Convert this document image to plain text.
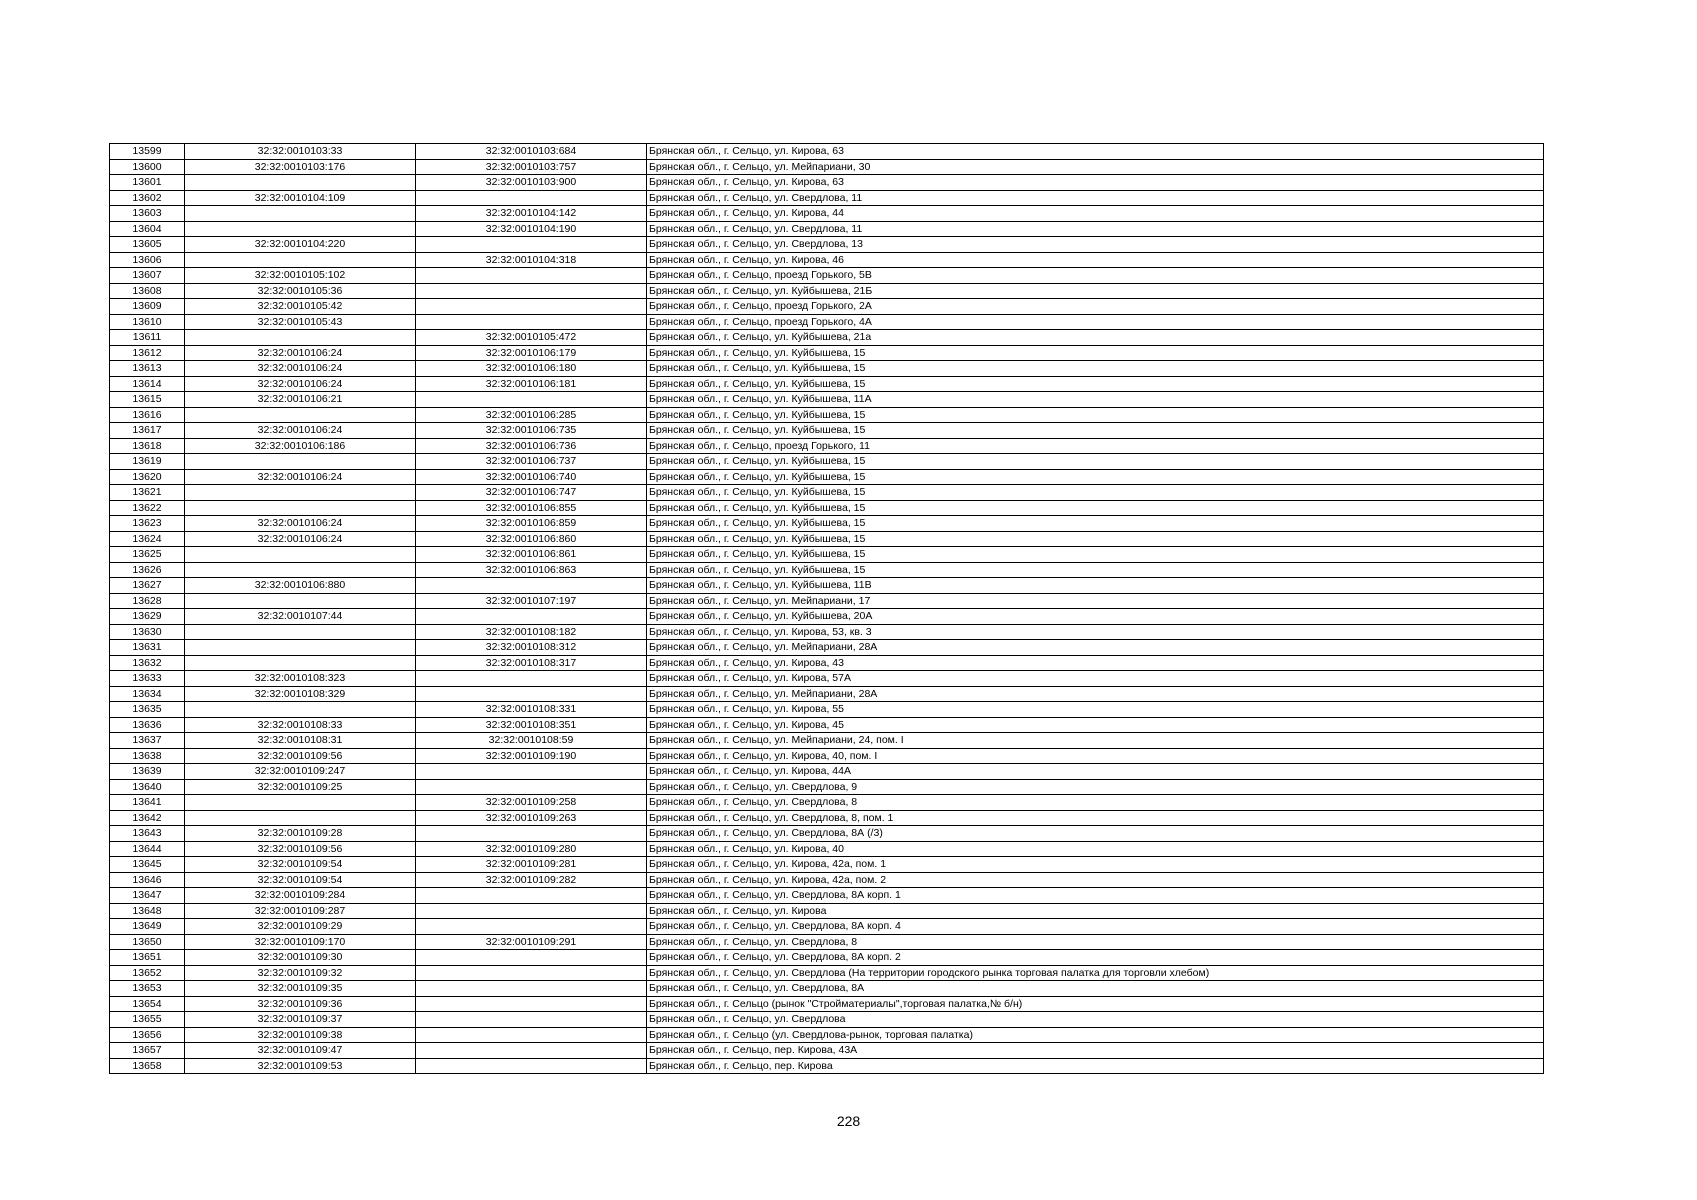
13599	32:32:0010103:33	32:32:0010103:684	Брянская обл., г. Сельцо, ул. Кирова, 63
13600	32:32:0010103:176	32:32:0010103:757	Брянская обл., г. Сельцо, ул. Мейпариани, 30
13601		32:32:0010103:900	Брянская обл., г. Сельцо, ул. Кирова, 63
13602	32:32:0010104:109		Брянская обл., г. Сельцо, ул. Свердлова, 11
13603		32:32:0010104:142	Брянская обл., г. Сельцо, ул. Кирова, 44
13604		32:32:0010104:190	Брянская обл., г. Сельцо, ул. Свердлова, 11
13605	32:32:0010104:220		Брянская обл., г. Сельцо, ул. Свердлова, 13
13606		32:32:0010104:318	Брянская обл., г. Сельцо, ул. Кирова, 46
13607	32:32:0010105:102		Брянская обл., г. Сельцо, проезд Горького, 5В
13608	32:32:0010105:36		Брянская обл., г. Сельцо, ул. Куйбышева, 21Б
13609	32:32:0010105:42		Брянская обл., г. Сельцо, проезд Горького, 2А
13610	32:32:0010105:43		Брянская обл., г. Сельцо, проезд Горького, 4А
13611		32:32:0010105:472	Брянская обл., г. Сельцо, ул. Куйбышева, 21а
13612	32:32:0010106:24	32:32:0010106:179	Брянская обл., г. Сельцо, ул. Куйбышева, 15
13613	32:32:0010106:24	32:32:0010106:180	Брянская обл., г. Сельцо, ул. Куйбышева, 15
13614	32:32:0010106:24	32:32:0010106:181	Брянская обл., г. Сельцо, ул. Куйбышева, 15
13615	32:32:0010106:21		Брянская обл., г. Сельцо, ул. Куйбышева, 11А
13616		32:32:0010106:285	Брянская обл., г. Сельцо, ул. Куйбышева, 15
13617	32:32:0010106:24	32:32:0010106:735	Брянская обл., г. Сельцо, ул. Куйбышева, 15
13618	32:32:0010106:186	32:32:0010106:736	Брянская обл., г. Сельцо, проезд Горького, 11
13619		32:32:0010106:737	Брянская обл., г. Сельцо, ул. Куйбышева, 15
13620	32:32:0010106:24	32:32:0010106:740	Брянская обл., г. Сельцо, ул. Куйбышева, 15
13621		32:32:0010106:747	Брянская обл., г. Сельцо, ул. Куйбышева, 15
13622		32:32:0010106:855	Брянская обл., г. Сельцо, ул. Куйбышева, 15
13623	32:32:0010106:24	32:32:0010106:859	Брянская обл., г. Сельцо, ул. Куйбышева, 15
13624	32:32:0010106:24	32:32:0010106:860	Брянская обл., г. Сельцо, ул. Куйбышева, 15
13625		32:32:0010106:861	Брянская обл., г. Сельцо, ул. Куйбышева, 15
13626		32:32:0010106:863	Брянская обл., г. Сельцо, ул. Куйбышева, 15
13627	32:32:0010106:880		Брянская обл., г. Сельцо, ул. Куйбышева, 11В
13628		32:32:0010107:197	Брянская обл., г. Сельцо, ул. Мейпариани, 17
13629	32:32:0010107:44		Брянская обл., г. Сельцо, ул. Куйбышева, 20А
13630		32:32:0010108:182	Брянская обл., г. Сельцо, ул. Кирова, 53, кв. 3
13631		32:32:0010108:312	Брянская обл., г. Сельцо, ул. Мейпариани, 28А
13632		32:32:0010108:317	Брянская обл., г. Сельцо, ул. Кирова, 43
13633	32:32:0010108:323		Брянская обл., г. Сельцо, ул. Кирова, 57А
13634	32:32:0010108:329		Брянская обл., г. Сельцо, ул. Мейпариани, 28А
13635		32:32:0010108:331	Брянская обл., г. Сельцо, ул. Кирова, 55
13636	32:32:0010108:33	32:32:0010108:351	Брянская обл., г. Сельцо, ул. Кирова, 45
13637	32:32:0010108:31	32:32:0010108:59	Брянская обл., г. Сельцо, ул. Мейпариани, 24, пом. I
13638	32:32:0010109:56	32:32:0010109:190	Брянская обл., г. Сельцо, ул. Кирова, 40, пом. I
13639	32:32:0010109:247		Брянская обл., г. Сельцо, ул. Кирова, 44А
13640	32:32:0010109:25		Брянская обл., г. Сельцо, ул. Свердлова, 9
13641		32:32:0010109:258	Брянская обл., г. Сельцо, ул. Свердлова, 8
13642		32:32:0010109:263	Брянская обл., г. Сельцо, ул. Свердлова, 8, пом. 1
13643	32:32:0010109:28		Брянская обл., г. Сельцо, ул. Свердлова, 8А (/3)
13644	32:32:0010109:56	32:32:0010109:280	Брянская обл., г. Сельцо, ул. Кирова, 40
13645	32:32:0010109:54	32:32:0010109:281	Брянская обл., г. Сельцо, ул. Кирова, 42а, пом. 1
13646	32:32:0010109:54	32:32:0010109:282	Брянская обл., г. Сельцо, ул. Кирова, 42а, пом. 2
13647	32:32:0010109:284		Брянская обл., г. Сельцо, ул. Свердлова, 8А корп. 1
13648	32:32:0010109:287		Брянская обл., г. Сельцо, ул. Кирова
13649	32:32:0010109:29		Брянская обл., г. Сельцо, ул. Свердлова, 8А корп. 4
13650	32:32:0010109:170	32:32:0010109:291	Брянская обл., г. Сельцо, ул. Свердлова, 8
13651	32:32:0010109:30		Брянская обл., г. Сельцо, ул. Свердлова, 8А корп. 2
13652	32:32:0010109:32		Брянская обл., г. Сельцо, ул. Свердлова (На территории городского рынка торговая палатка для торговли хлебом)
13653	32:32:0010109:35		Брянская обл., г. Сельцо, ул. Свердлова, 8А
13654	32:32:0010109:36		Брянская обл., г. Сельцо (рынок "Стройматериалы",торговая палатка,№ б/н)
13655	32:32:0010109:37		Брянская обл., г. Сельцо, ул. Свердлова
13656	32:32:0010109:38		Брянская обл., г. Сельцо (ул. Свердлова-рынок, торговая палатка)
13657	32:32:0010109:47		Брянская обл., г. Сельцо, пер. Кирова, 43А
13658	32:32:0010109:53		Брянская обл., г. Сельцо, пер. Кирова
228
